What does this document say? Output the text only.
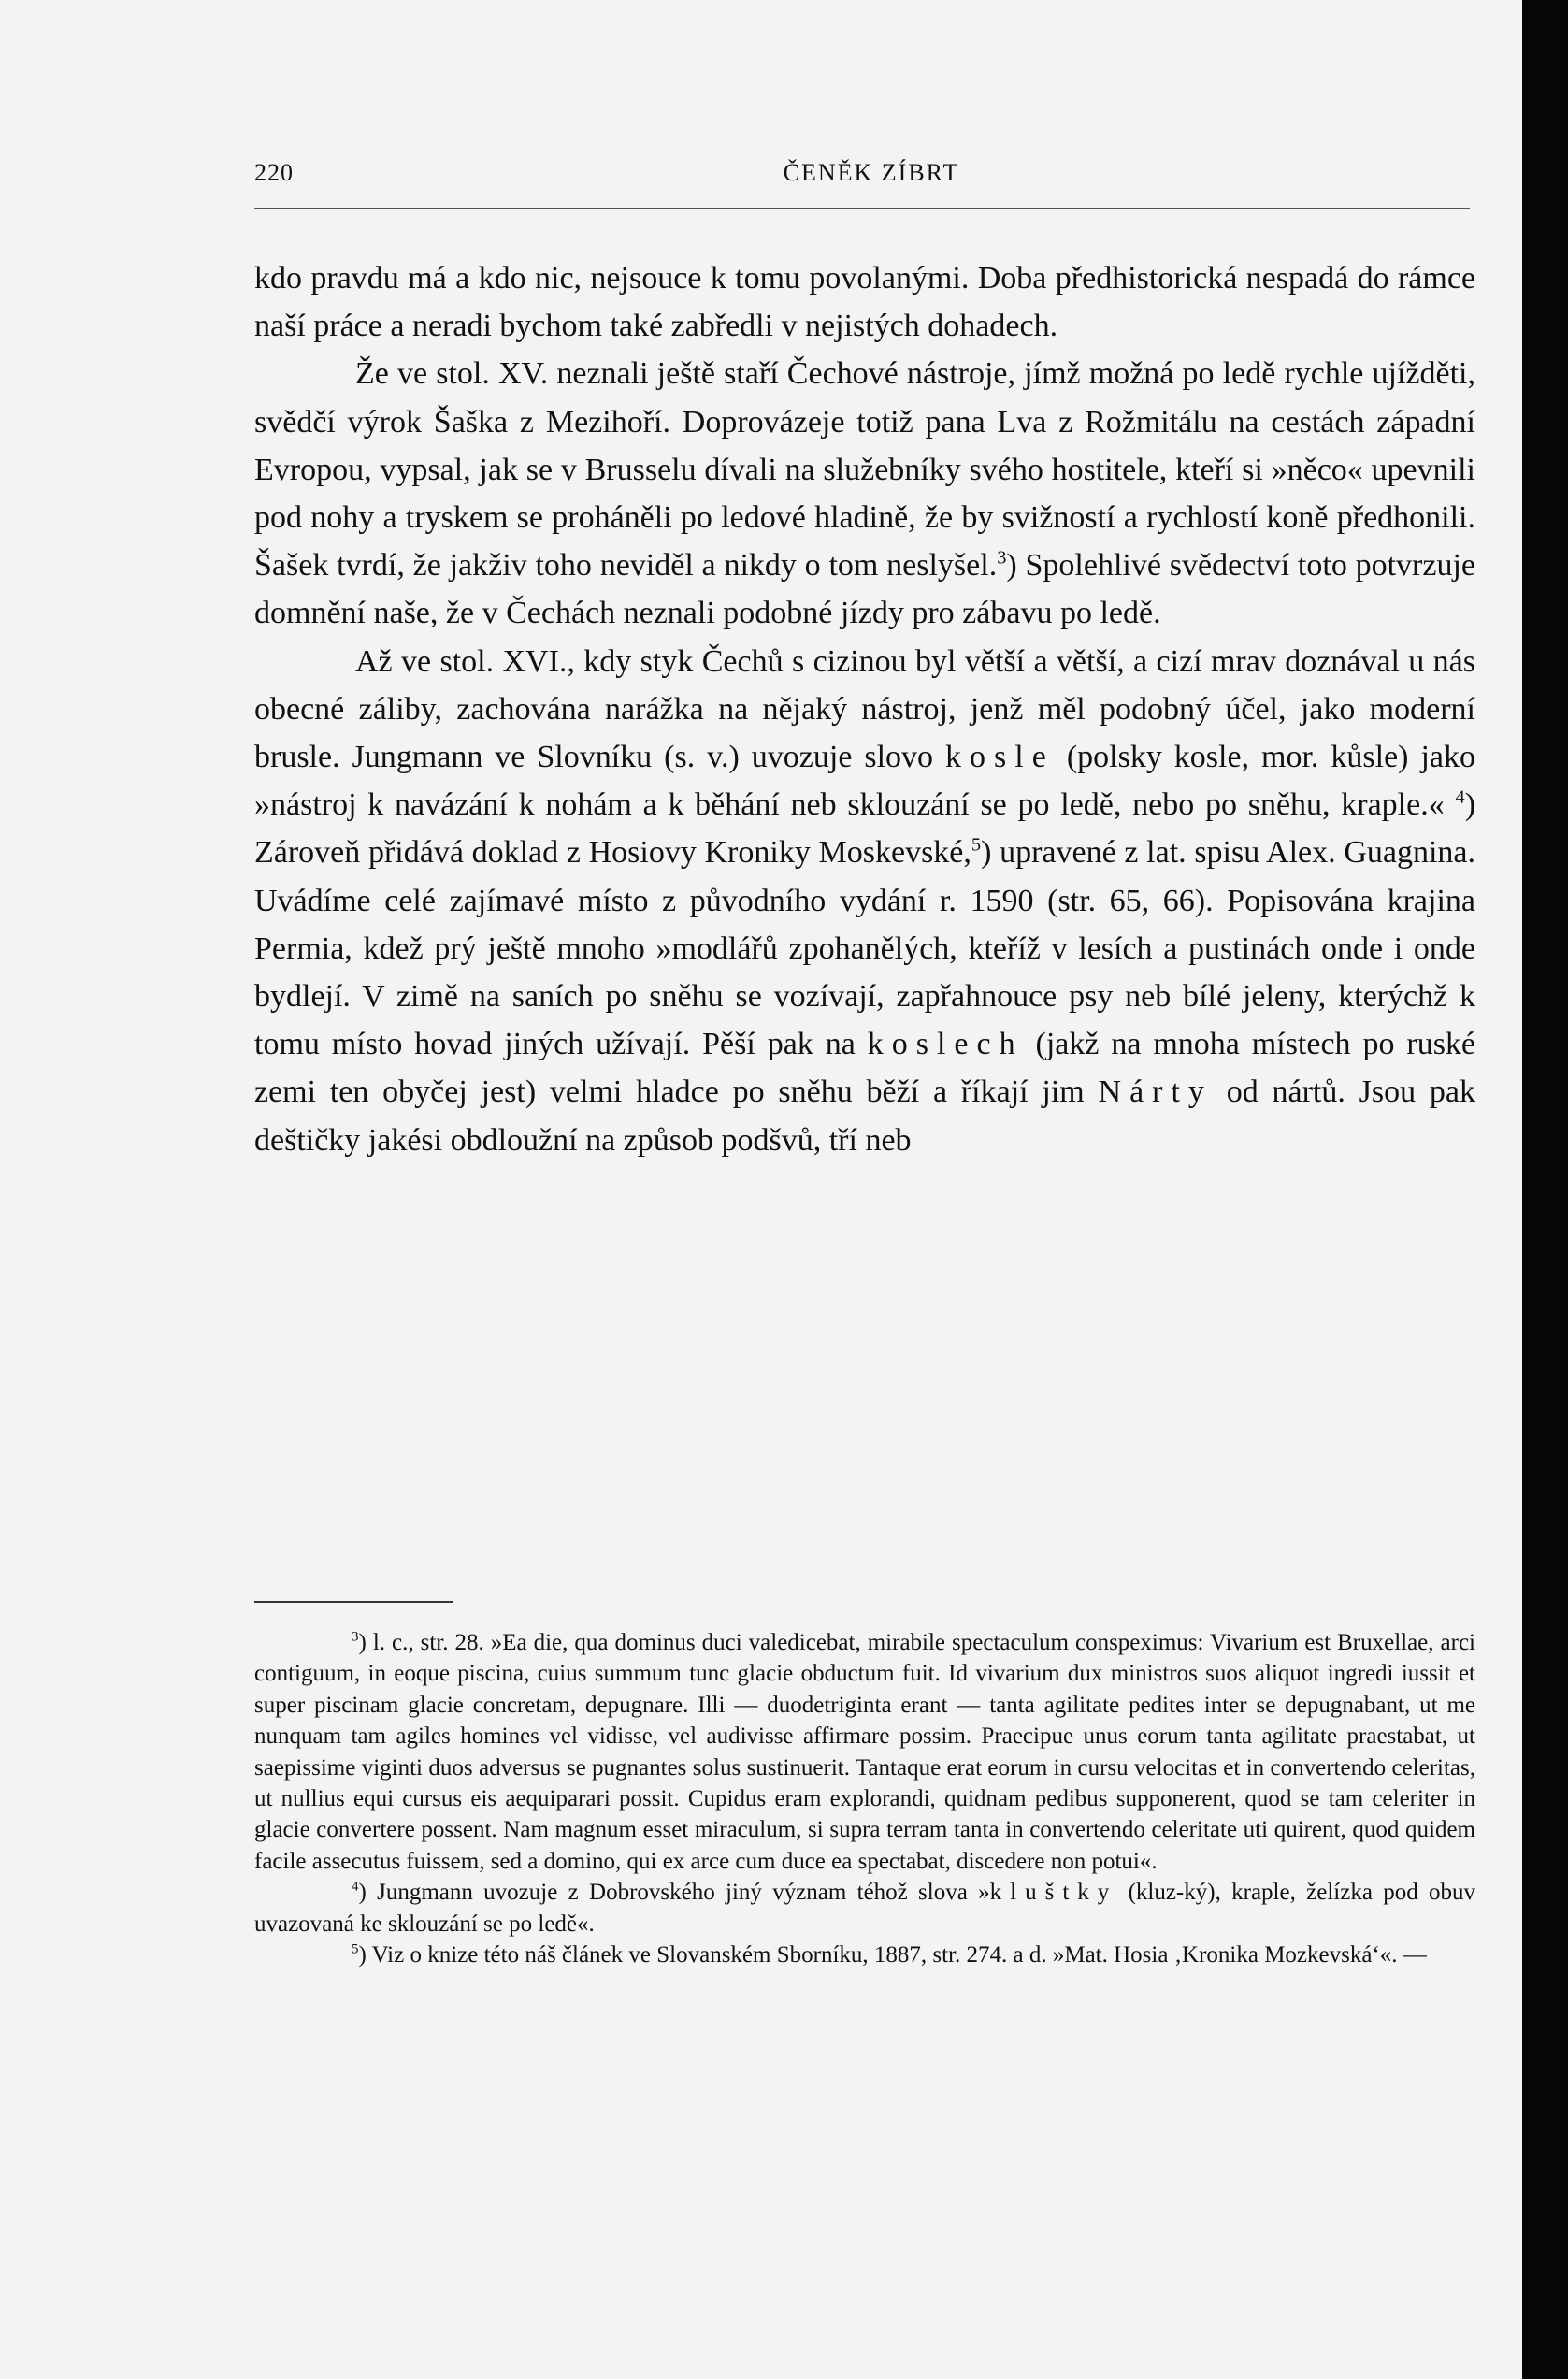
220	ČENĚK ZÍBRT

kdo pravdu má a kdo nic, nejsouce k tomu povolanými. Doba předhistorická nespadá do rámce naší práce a neradi bychom také zabředli v nejistých dohadech.

Že ve stol. XV. neznali ještě staří Čechové nástroje, jímž možná po ledě rychle ujížděti, svědčí výrok Šaška z Mezihoří. Doprovázeje totiž pana Lva z Rožmitálu na cestách západní Evropou, vypsal, jak se v Brusselu dívali na služebníky svého hostitele, kteří si »něco« upevnili pod nohy a tryskem se proháněli po ledové hladině, že by svižností a rychlostí koně předhonili. Šašek tvrdí, že jakživ toho neviděl a nikdy o tom neslyšel.$^3$) Spolehlivé svědectví toto potvrzuje domnění naše, že v Čechách neznali podobné jízdy pro zábavu po ledě.

Až ve stol. XVI., kdy styk Čechů s cizinou byl větší a větší, a cizí mrav doznával u nás obecné záliby, zachována narážka na nějaký nástroj, jenž měl podobný účel, jako moderní brusle. Jungmann ve Slovníku (s. v.) uvozuje slovo kosle (polsky kosle, mor. kůsle) jako »nástroj k navázání k nohám a k běhání neb sklouzání se po ledě, nebo po sněhu, kraple.« $^4$) Zároveň přidává doklad z Hosiovy Kroniky Moskevské,$^5$) upravené z lat. spisu Alex. Guagnina. Uvádíme celé zajímavé místo z původního vydání r. 1590 (str. 65, 66). Popisována krajina Permia, kdež prý ještě mnoho »modlářů zpohanělých, kteříž v lesích a pustinách onde i onde bydlejí. V zimě na saních po sněhu se vozívají, zapřahnouce psy neb bílé jeleny, kterýchž k tomu místo hovad jiných užívají. Pěší pak na koslech (jakž na mnoha místech po ruské zemi ten obyčej jest) velmi hladce po sněhu běží a říkají jim Nárty od nártů. Jsou pak deštičky jakési obdloužní na způsob podšvů, tří neb

$^3$) l. c., str. 28. »Ea die, qua dominus duci valedicebat, mirabile spectaculum conspeximus: Vivarium est Bruxellae, arci contiguum, in eoque piscina, cuius summum tunc glacie obductum fuit. Id vivarium dux ministros suos aliquot ingredi iussit et super piscinam glacie concretam, depugnare. Illi — duodetriginta erant — tanta agilitate pedites inter se depugnabant, ut me nunquam tam agiles homines vel vidisse, vel audivisse affirmare possim. Praecipue unus eorum tanta agilitate praestabat, ut saepissime viginti duos adversus se pugnantes solus sustinuerit. Tantaque erat eorum in cursu velocitas et in convertendo celeritas, ut nullius equi cursus eis aequiparari possit. Cupidus eram explorandi, quidnam pedibus supponerent, quod se tam celeriter in glacie convertere possent. Nam magnum esset miraculum, si supra terram tanta in convertendo celeritate uti quirent, quod quidem facile assecutus fuissem, sed a domino, qui ex arce cum duce ea spectabat, discedere non potui«.

$^4$) Jungmann uvozuje z Dobrovského jiný význam téhož slova »kluštky (kluz-ký), kraple, želízka pod obuv uvazovaná ke sklouzání se po ledě«.

$^5$) Viz o knize této náš článek ve Slovanském Sborníku, 1887, str. 274. a d. »Mat. Hosia ‚Kronika Mozkevská‘«. —
